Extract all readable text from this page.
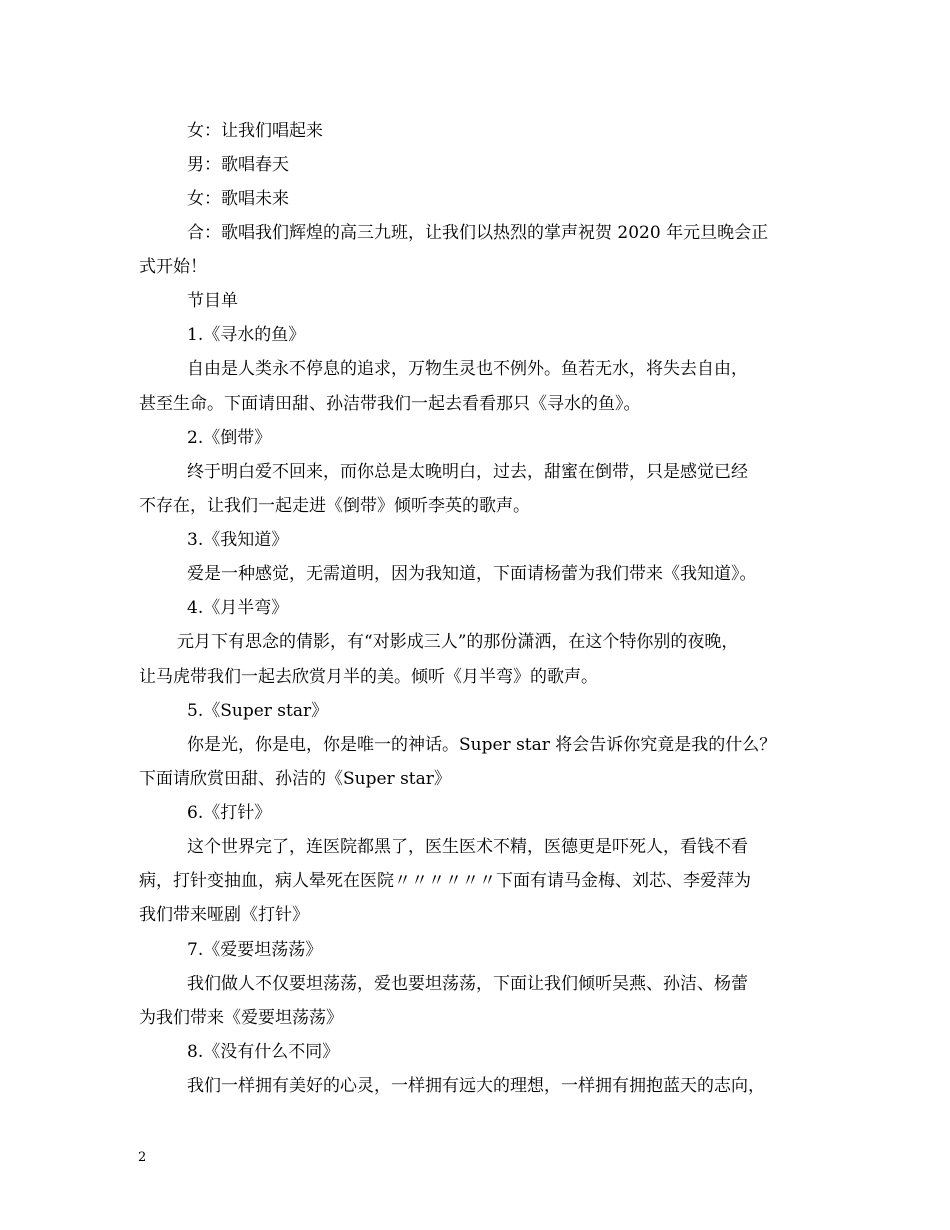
女：让我们唱起来
男：歌唱春天
女：歌唱未来
合：歌唱我们辉煌的高三九班，让我们以热烈的掌声祝贺 2020 年元旦晚会正
式开始！
节目单
1.《寻水的鱼》
自由是人类永不停息的追求，万物生灵也不例外。鱼若无水，将失去自由，
甚至生命。下面请田甜、孙洁带我们一起去看看那只《寻水的鱼》。
2.《倒带》
终于明白爱不回来，而你总是太晚明白，过去，甜蜜在倒带，只是感觉已经
不存在，让我们一起走进《倒带》倾听李英的歌声。
3.《我知道》
爱是一种感觉，无需道明，因为我知道，下面请杨蕾为我们带来《我知道》。
4.《月半弯》
元月下有思念的倩影，有“对影成三人”的那份潇洒，在这个特你别的夜晚，
让马虎带我们一起去欣赏月半的美。倾听《月半弯》的歌声。
5.《Super star》
你是光，你是电，你是唯一的神话。Super star 将会告诉你究竟是我的什么？
下面请欣赏田甜、孙洁的《Super star》
6.《打针》
这个世界完了，连医院都黑了，医生医术不精，医德更是吓死人，看钱不看
病，打针变抽血，病人晕死在医院〃〃〃〃〃〃下面有请马金梅、刘芯、李爱萍为
我们带来哑剧《打针》
7.《爱要坦荡荡》
我们做人不仅要坦荡荡，爱也要坦荡荡，下面让我们倾听吴燕、孙洁、杨蕾
为我们带来《爱要坦荡荡》
8.《没有什么不同》
我们一样拥有美好的心灵，一样拥有远大的理想，一样拥有拥抱蓝天的志向，
2
